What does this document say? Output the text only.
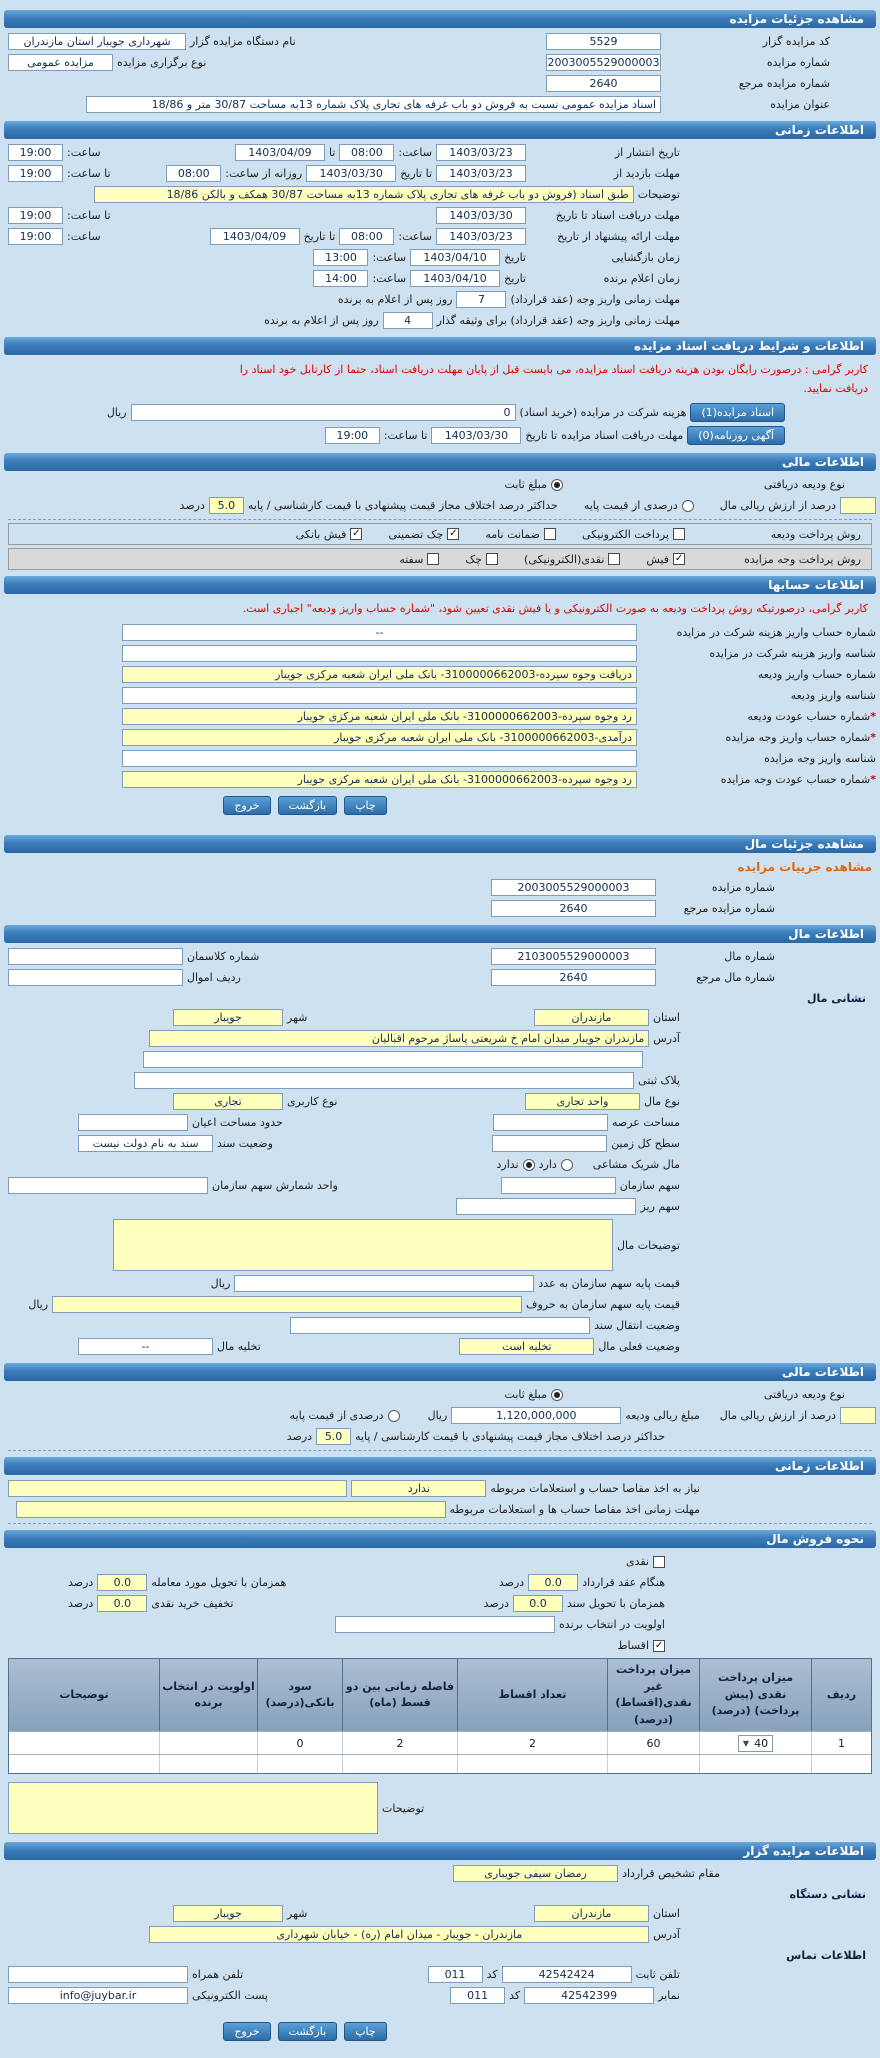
مشاهده جزئیات مزایده
کد مزایده گزار
5529
نام دستگاه مزایده گزار
شهرداری جویبار استان مازندران
شماره مزایده
2003005529000003
نوع برگزاری مزایده
مزایده عمومی
شماره مزایده مرجع
2640
عنوان مزایده
اسناد مزایده عمومی نسبت به فروش دو باب غرفه های تجاری پلاک شماره 13به مساحت 30/87 متر و 18/86
اطلاعات زمانی
تاریخ انتشار از
1403/03/23
ساعت:
08:00
تا
1403/04/09
ساعت:
19:00
مهلت بازدید از
1403/03/23
تا تاریخ
1403/03/30
روزانه از ساعت:
08:00
تا ساعت:
19:00
توضیحات
طبق اسناد (فروش دو باب غرفه های تجاری پلاک شماره 13به مساحت 30/87 همکف و بالکن 18/86
مهلت دریافت اسناد تا تاریخ
1403/03/30
تا ساعت:
19:00
مهلت ارائه پیشنهاد از تاریخ
1403/03/23
ساعت:
08:00
تا تاریخ
1403/04/09
ساعت:
19:00
زمان بازگشایی
تاریخ
1403/04/10
ساعت:
13:00
زمان اعلام برنده
تاریخ
1403/04/10
ساعت:
14:00
مهلت زمانی واریز وجه (عقد قرارداد)
7
روز پس از اعلام به برنده
مهلت زمانی واریز وجه (عقد قرارداد) برای وثیقه گذار
4
روز پس از اعلام به برنده
اطلاعات و شرایط دریافت اسناد مزایده
کاربر گرامی : درصورت رایگان بودن هزینه دریافت اسناد مزایده، می بایست قبل از پایان مهلت دریافت اسناد، حتما از کارتابل خود اسناد را دریافت نمایید.
اسناد مزایده(1)
هزینه شرکت در مزایده (خرید اسناد)
0
ریال
آگهی روزنامه(0)
مهلت دریافت اسناد مزایده
تا تاریخ
1403/03/30
تا ساعت:
19:00
اطلاعات مالی
نوع ودیعه دریافتی
مبلغ ثابت
درصد از ارزش ریالی مال
درصدی از قیمت پایه
حداکثر درصد اختلاف مجاز قیمت پیشنهادی با قیمت کارشناسی / پایه
5.0
درصد
روش پرداخت ودیعه
پرداخت الکترونیکی
ضمانت نامه
✓
چک تضمینی
✓
فیش بانکی
روش پرداخت وجه مزایده
✓
فیش
نقدی(الکترونیکی)
چک
سفته
اطلاعات حسابها
کاربر گرامی، درصورتیکه روش پرداخت ودیعه به صورت الکترونیکی و یا فیش نقدی تعیین شود، "شماره حساب واریز ودیعه" اجباری است.
شماره حساب واریز هزینه شرکت در مزایده
--
شناسه واریز هزینه شرکت در مزایده
شماره حساب واریز ودیعه
دریافت وجوه سپرده-3100000662003- بانک ملی ایران شعبه مرکزی جویبار
شناسه واریز ودیعه
*شماره حساب عودت ودیعه
رد وجوه سپرده-3100000662003- بانک ملی ایران شعبه مرکزی جویبار
*شماره حساب واریز وجه مزایده
درآمدی-3100000662003- بانک ملی ایران شعبه مرکزی جویبار
شناسه واریز وجه مزایده
*شماره حساب عودت وجه مزایده
رد وجوه سپرده-3100000662003- بانک ملی ایران شعبه مرکزی جویبار
چاپ
بازگشت
خروج
مشاهده جزئیات مال
مشاهده جزییات مزایده
شماره مزایده
2003005529000003
شماره مزایده مرجع
2640
اطلاعات مال
شماره مال
2103005529000003
شماره کلاسمان
شماره مال مرجع
2640
ردیف اموال
نشانی مال
استان
مازندران
شهر
جویبار
آدرس
مازندران جویبار میدان امام خ شریعتی پاساژ مرحوم اقبالیان
پلاک ثبتی
نوع مال
واحد تجاری
نوع کاربری
تجاری
مساحت عرصه
حدود مساحت اعیان
سطح کل زمین
وضعیت سند
سند به نام دولت نیست
مال شریک مشاعی
دارد
ندارد
سهم سازمان
واحد شمارش سهم سازمان
سهم ریز
توضیحات مال
قیمت پایه سهم سازمان به عدد
ریال
قیمت پایه سهم سازمان به حروف
ریال
وضعیت انتقال سند
وضعیت فعلی مال
تخلیه است
تخلیه مال
--
اطلاعات مالی
نوع ودیعه دریافتی
مبلغ ثابت
درصد از ارزش ریالی مال
مبلغ ریالی ودیعه
1,120,000,000
ریال
درصدی از قیمت پایه
حداکثر درصد اختلاف مجاز قیمت پیشنهادی با قیمت کارشناسی / پایه
5.0
درصد
اطلاعات زمانی
نیاز به اخذ مفاصا حساب و استعلامات مربوطه
ندارد
مهلت زمانی اخذ مفاصا حساب ها و استعلامات مربوطه
نحوه فروش مال
نقدی
هنگام عقد قرارداد
0.0
درصد
همزمان با تحویل مورد معامله
0.0
درصد
همزمان با تحویل سند
0.0
درصد
تخفیف خرید نقدی
0.0
درصد
اولویت در انتخاب برنده
✓
اقساط
ردیف
میزان پرداخت نقدی (پیش پرداخت) (درصد)
میزان پرداخت غیر نقدی(اقساط) (درصد)
تعداد اقساط
فاصله زمانی بین دو قسط (ماه)
سود بانکی(درصد)
اولویت در انتخاب برنده
توضیحات
1
40
▼
60
2
2
0
توضیحات
اطلاعات مزایده گزار
مقام تشخیص قرارداد
رمضان سیفی جویباری
نشانی دستگاه
استان
مازندران
شهر
جویبار
آدرس
مازندران - جویبار - میدان امام (ره) - خیابان شهرداری
اطلاعات تماس
تلفن ثابت
42542424
کد
011
تلفن همراه
نمابر
42542399
کد
011
پست الکترونیکی
info@juybar.ir
چاپ
بازگشت
خروج
